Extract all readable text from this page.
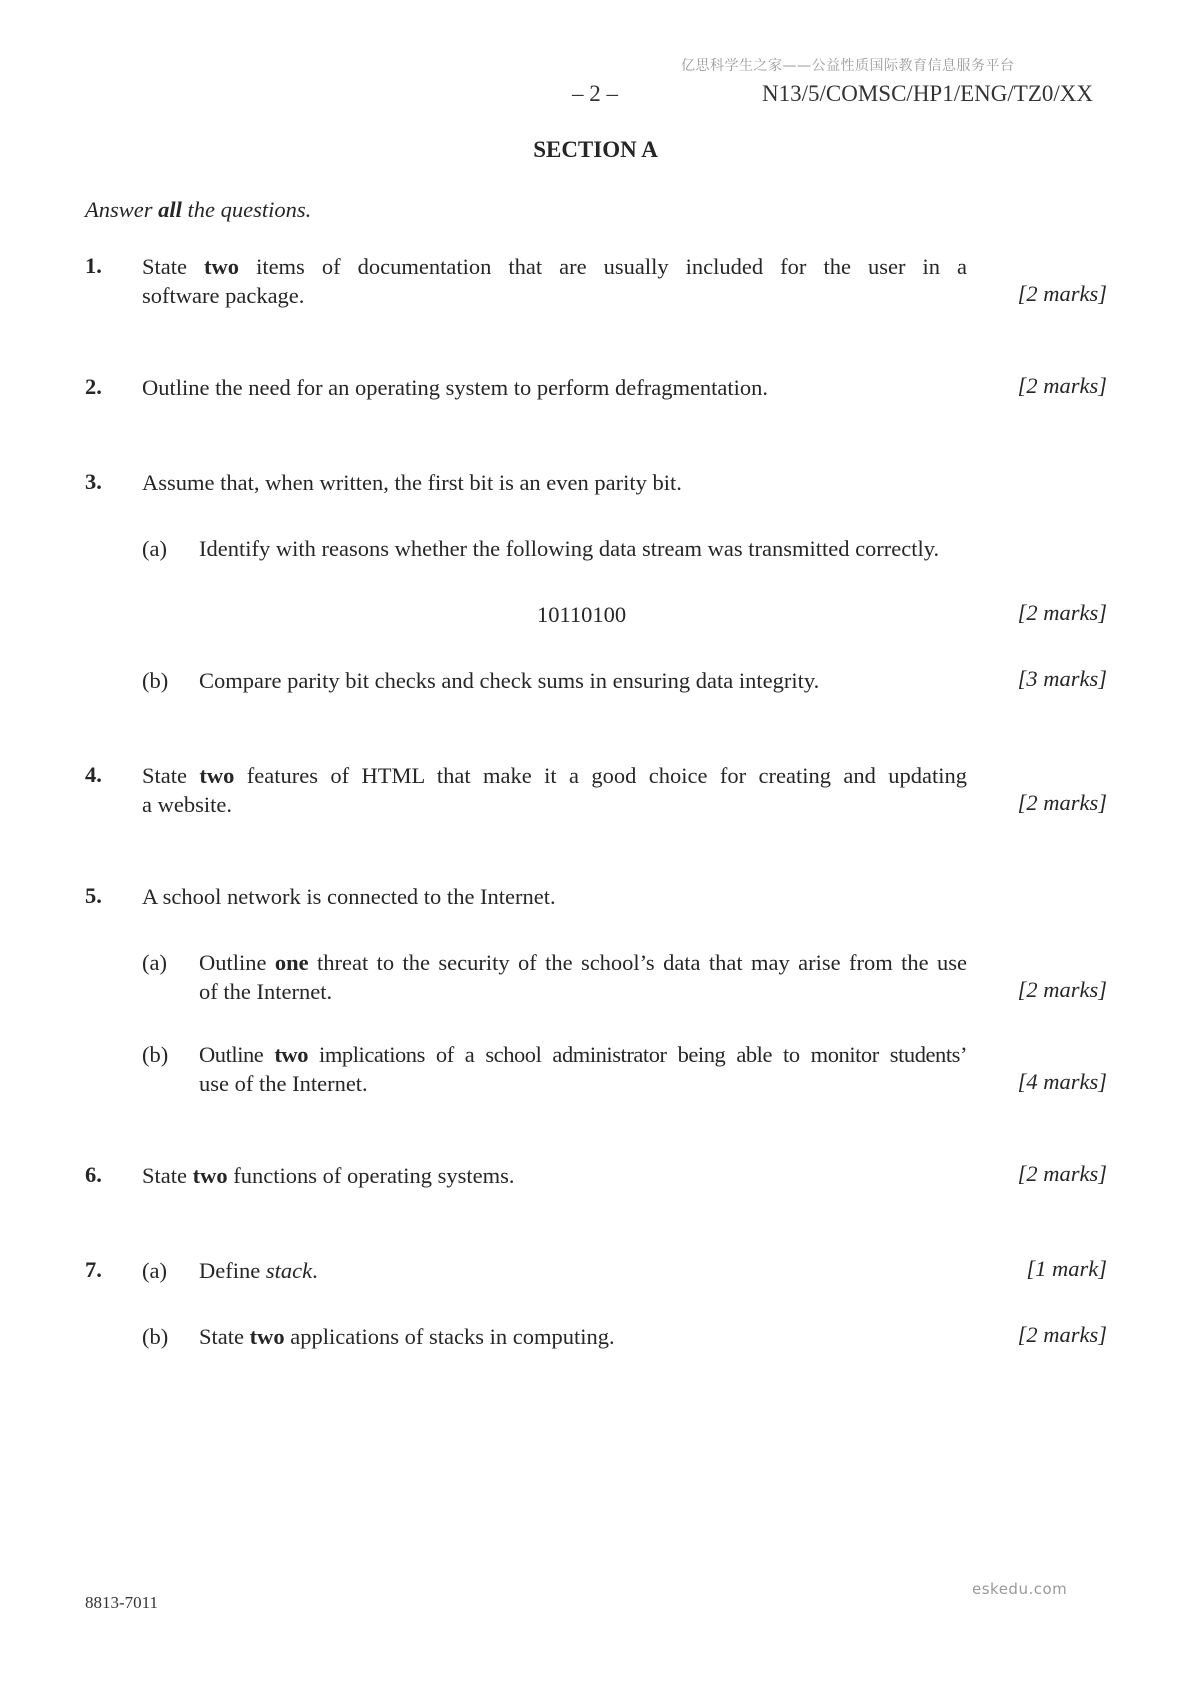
亿思科学生之家——公益性质国际教育信息服务平台
– 2 –	N13/5/COMSC/HP1/ENG/TZ0/XX
SECTION A
Answer all the questions.
1. State two items of documentation that are usually included for the user in a
software package.	[2 marks]
2. Outline the need for an operating system to perform defragmentation.	[2 marks]
3. Assume that, when written, the first bit is an even parity bit.
(a) Identify with reasons whether the following data stream was transmitted correctly.
10110100	[2 marks]
(b) Compare parity bit checks and check sums in ensuring data integrity.	[3 marks]
4. State two features of HTML that make it a good choice for creating and updating
a website.	[2 marks]
5. A school network is connected to the Internet.
(a) Outline one threat to the security of the school’s data that may arise from the use
of the Internet.	[2 marks]
(b) Outline two implications of a school administrator being able to monitor students’
use of the Internet.	[4 marks]
6. State two functions of operating systems.	[2 marks]
7. (a) Define stack.	[1 mark]
(b) State two applications of stacks in computing.	[2 marks]
eskedu.com
8813-7011
